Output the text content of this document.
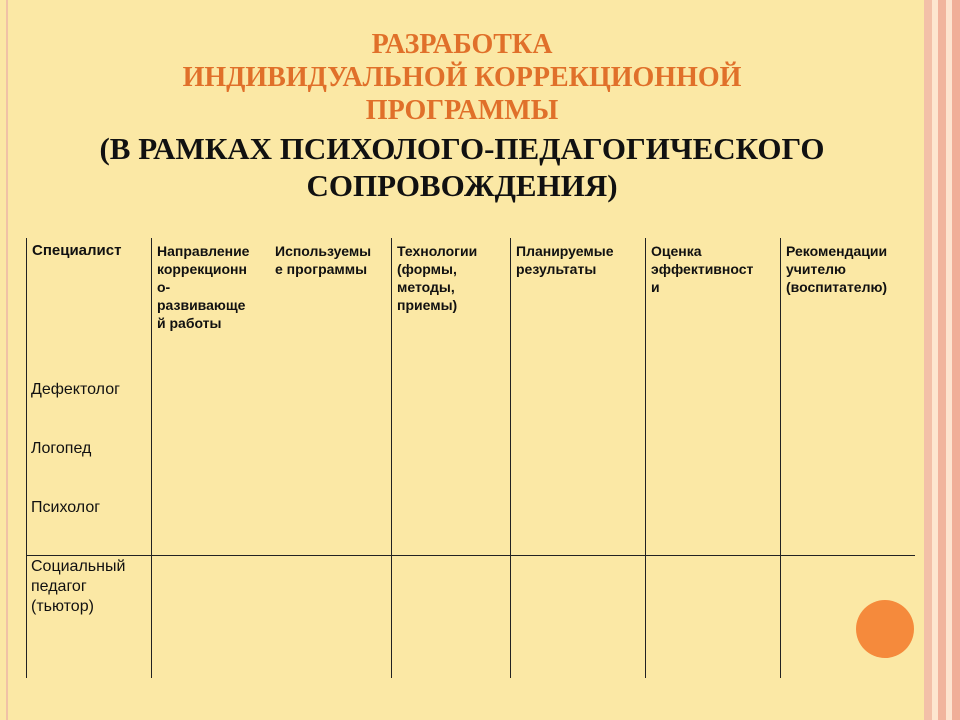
РАЗРАБОТКА
ИНДИВИДУАЛЬНОЙ КОРРЕКЦИОННОЙ
ПРОГРАММЫ
(В РАМКАХ ПСИХОЛОГО-ПЕДАГОГИЧЕСКОГО СОПРОВОЖДЕНИЯ)
Специалист	Направление
коррекционн
о-
развивающе
й работы
Используемы
е программы
Технологии
(формы,
методы,
приемы)
Планируемые
результаты
Оценка
эффективност
и
Рекомендации
учителю
(воспитателю)
Дефектолог
Логопед
Психолог
Социальный
педагог
(тьютор)
